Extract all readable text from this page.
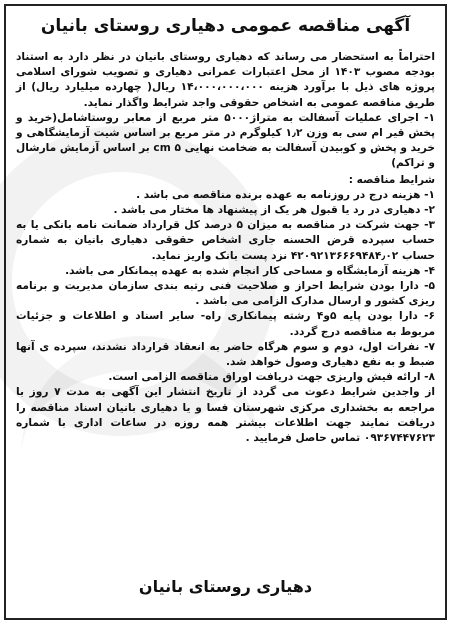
آگهی مناقصه عمومی دهیاری روستای بانیان

احتراماً به استحضار می رساند که دهیاری روستای بانیان در نظر دارد به استناد بودجه مصوب ۱۴۰۳ از محل اعتبارات عمرانی دهیاری و تصویب شورای اسلامی پروژه های ذیل با برآورد هزینه ۱۴،۰۰۰،۰۰۰،۰۰۰ ریال( چهارده میلیارد ریال) از طریق مناقصه عمومی به اشخاص حقوقی واجد شرایط واگذار نماید.

۱- اجرای عملیات آسفالت به متراژ۵۰۰۰ متر مربع از معابر روستاشامل(خرید و پخش قیر ام سی به وزن ۱٫۲ کیلوگرم در متر مربع بر اساس شیت آزمایشگاهی و خرید و پخش و کوبیدن آسفالت به ضخامت نهایی ۵ cm بر اساس آزمایش مارشال و تراکم)

شرایط مناقصه :

۱- هزینه درج در روزنامه به عهده برنده مناقصه می باشد .

۲- دهیاری در رد یا قبول هر یک از پیشنهاد ها مختار می باشد .

۳- جهت شرکت در مناقصه به میزان ۵ درصد کل قرارداد ضمانت نامه بانکی یا به حساب سپرده قرض الحسنه جاری اشخاص حقوقی دهیاری بانیان به شماره حساب ۴۲۰۹۲۱۳۶۶۶۹۴۸۴٫۰۲ نزد پست بانک واریز نماید.

۴- هزینه آزمایشگاه و مساحی کار انجام شده به عهده پیمانکار می باشد.

۵- دارا بودن شرایط احراز و صلاحیت فنی رتبه بندی سازمان مدیریت و برنامه ریزی کشور و ارسال مدارک الزامی می باشد .

۶- دارا بودن پایه ۵و۴ رشته پیمانکاری راه- سایر اسناد و اطلاعات و جزئیات مربوط به مناقصه درج گردد.

۷- نفرات اول، دوم و سوم هرگاه حاضر به انعقاد قرارداد نشدند، سپرده ی آنها ضبط و به نفع دهیاری وصول خواهد شد.

۸- ارائه فیش واریزی جهت دریافت اوراق مناقصه الزامی است.

از واجدین شرایط دعوت می گردد از تاریخ انتشار این آگهی به مدت ۷ روز با مراجعه به بخشداری مرکزی شهرستان فسا و یا دهیاری بانیان اسناد مناقصه را دریافت نمایند جهت اطلاعات بیشتر همه روزه در ساعات اداری با شماره ۰۹۳۶۷۴۴۷۶۲۳ تماس حاصل فرمایید .

دهیاری روستای بانیان
